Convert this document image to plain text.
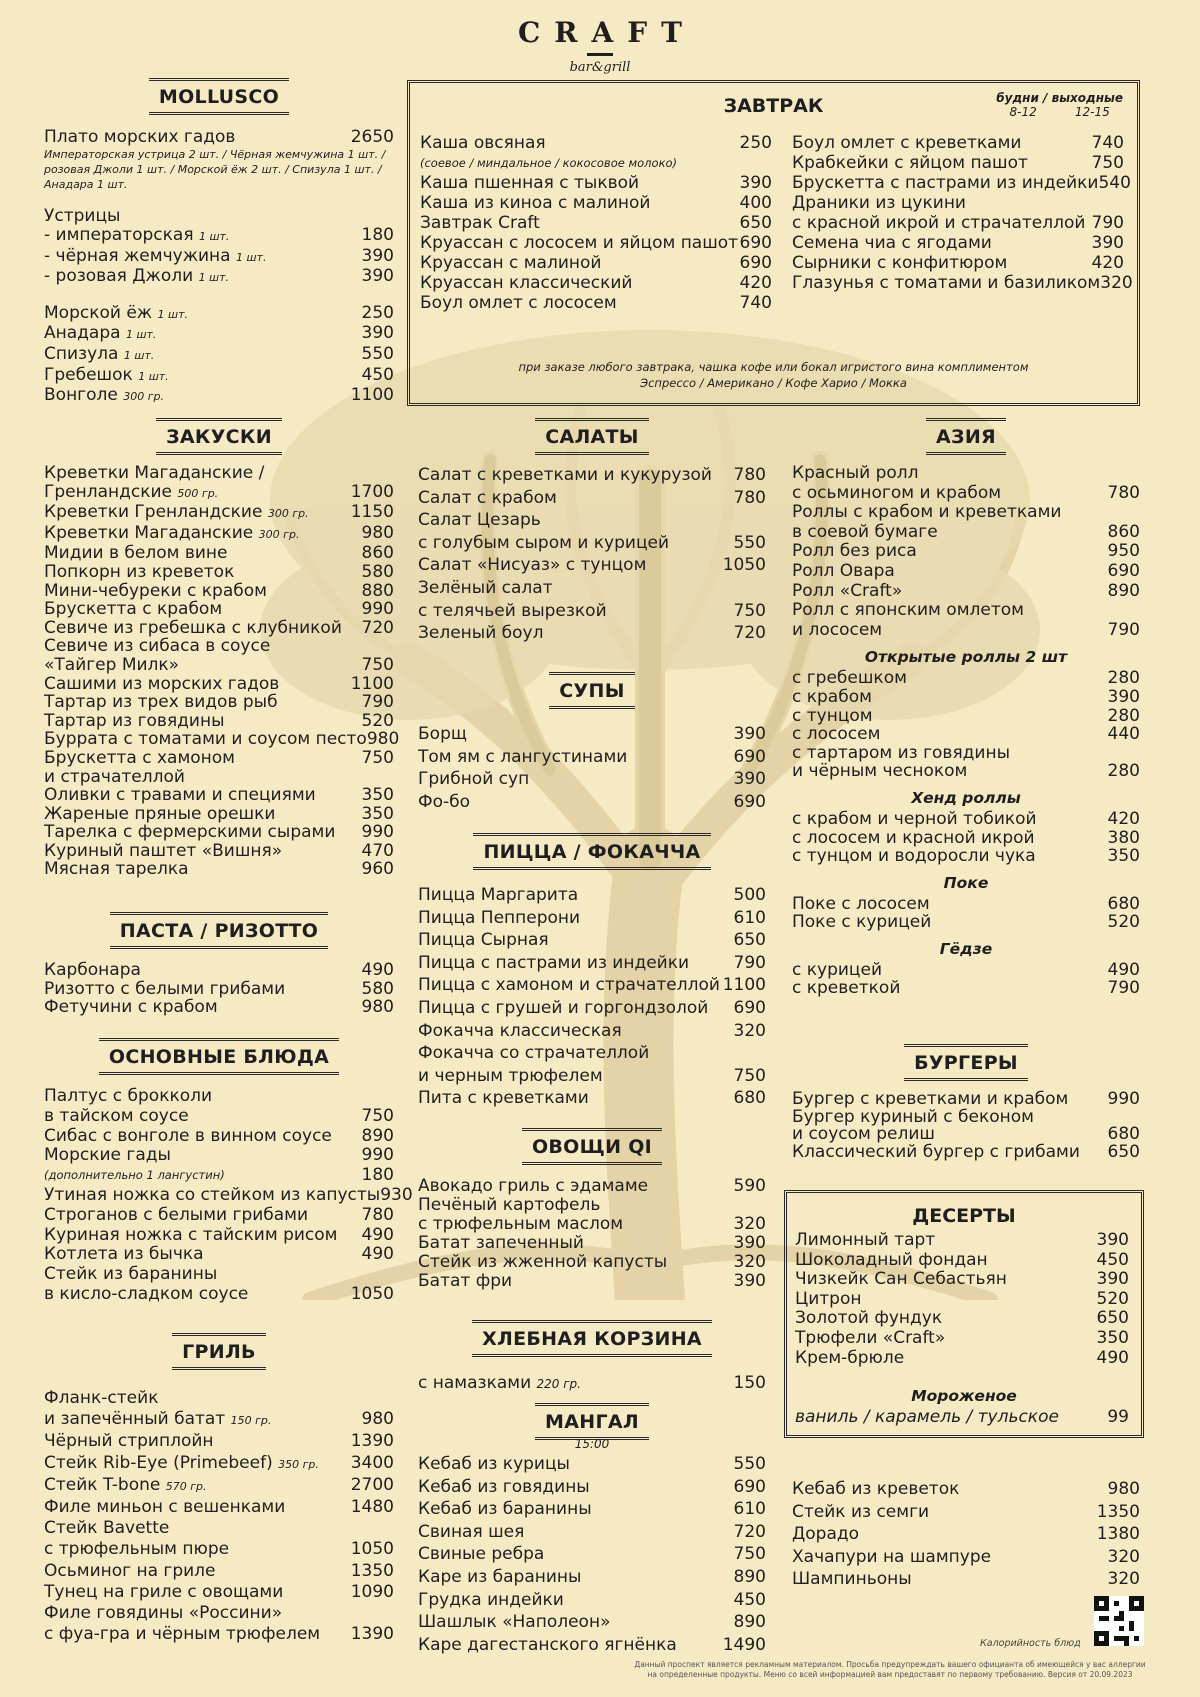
CRAFT
bar&grill
MOLLUSCO
Плато морских гадов	2650
Императорская устрица 2 шт. / Чёрная жемчужина 1 шт. / розовая Джоли 1 шт. / Морской ёж 2 шт. / Спизула 1 шт. / Анадара 1 шт.
Устрицы
- императорская 1 шт.	180
- чёрная жемчужина 1 шт.	390
- розовая Джоли 1 шт.	390
Морской ёж 1 шт.	250
Анадара 1 шт.	390
Спизула 1 шт.	550
Гребешок 1 шт.	450
Вонголе 300 гр.	1100
ЗАКУСКИ
Креветки Магаданские /
Гренландские 500 гр.	1700
Креветки Гренландские 300 гр. 1150
Креветки Магаданские 300 гр.	980
Мидии в белом вине	860
Попкорн из креветок	580
Мини-чебуреки с крабом	880
Брускетта с крабом	990
Севиче из гребешка с клубникой 720
Севиче из сибаса в соусе
«Тайгер Милк»	750
Сашими из морских гадов	1100
Тартар из трех видов рыб	790
Тартар из говядины	520
Буррата с томатами и соусом песто 980
Брускетта с хамоном	750
и страчателлой
Оливки с травами и специями	350
Жареные пряные орешки	350
Тарелка с фермерскими сырами 990
Куриный паштет «Вишня»	470
Мясная тарелка	960
ПАСТА / РИЗОТТО
Карбонара	490
Ризотто с белыми грибами	580
Фетучини с крабом	980
ОСНОВНЫЕ БЛЮДА
Палтус с брокколи
в тайском соусе	750
Сибас с вонголе в винном соусе 890
Морские гады	990
(дополнительно 1 лангустин)	180
Утиная ножка со стейком из капусты 930
Строганов с белыми грибами	780
Куриная ножка с тайским рисом 490
Котлета из бычка	490
Стейк из баранины
в кисло-сладком соусе	1050
ГРИЛЬ
Фланк-стейк
и запечённый батат 150 гр.	980
Чёрный стриплойн	1390
Стейк Rib-Eye (Primebeef) 350 гр. 3400
Стейк T-bone 570 гр.	2700
Филе миньон с вешенками	1480
Стейк Bavette
с трюфельным пюре	1050
Осьминог на гриле	1350
Тунец на гриле с овощами	1090
Филе говядины «Россини»
с фуа-гра и чёрным трюфелем 1390
ЗАВТРАК	будни / выходные
8-12          12-15
Каша овсяная	250
(соевое / миндальное / кокосовое молоко)
Каша пшенная с тыквой	390
Каша из киноа с малиной	400
Завтрак Craft	650
Круассан с лососем и яйцом пашот 690
Круассан с малиной	690
Круассан классический	420
Боул омлет с лососем	740
Боул омлет с креветками	740
Крабкейки с яйцом пашот	750
Брускетта с пастрами из индейки 540
Драники из цукини
с красной икрой и страчателлой 790
Семена чиа с ягодами	390
Сырники с конфитюром	420
Глазунья с томатами и базиликом 320
при заказе любого завтрака, чашка кофе или бокал игристого вина комплиментом
Эспрессо / Американо / Кофе Харио / Мокка
САЛАТЫ
Салат с креветками и кукурузой 780
Салат с крабом	780
Салат Цезарь
с голубым сыром и курицей	550
Салат «Нисуаз» с тунцом	1050
Зелёный салат
с телячьей вырезкой	750
Зеленый боул	720
СУПЫ
Борщ	390
Том ям с лангустинами	690
Грибной суп	390
Фо-бо	690
ПИЦЦА / ФОКАЧЧА
Пицца Маргарита	500
Пицца Пепперони	610
Пицца Сырная	650
Пицца с пастрами из индейки	790
Пицца с хамоном и страчателлой 1100
Пицца с грушей и горгондзолой 690
Фокачча классическая	320
Фокачча со страчателлой
и черным трюфелем	750
Пита с креветками	680
ОВОЩИ QI
Авокадо гриль с эдамаме	590
Печёный картофель
с трюфельным маслом	320
Батат запеченный	390
Стейк из жженной капусты	320
Батат фри	390
ХЛЕБНАЯ КОРЗИНА
с намазками 220 гр.	150
МАНГАЛ
15:00
Кебаб из курицы	550
Кебаб из говядины	690
Кебаб из баранины	610
Свиная шея	720
Свиные ребра	750
Каре из баранины	890
Грудка индейки	450
Шашлык «Наполеон»	890
Каре дагестанского ягнёнка	1490
АЗИЯ
Красный ролл
с осьминогом и крабом	780
Роллы с крабом и креветками
в соевой бумаге	860
Ролл без риса	950
Ролл Овара	690
Ролл «Craft»	890
Ролл с японским омлетом
и лососем	790
Открытые роллы 2 шт
с гребешком	280
с крабом	390
с тунцом	280
с лососем	440
с тартаром из говядины
и чёрным чесноком	280
Хенд роллы
с крабом и черной тобикой	420
с лососем и красной икрой	380
с тунцом и водоросли чука	350
Поке
Поке с лососем	680
Поке с курицей	520
Гёдзе
с курицей	490
с креветкой	790
БУРГЕРЫ
Бургер с креветками и крабом 990
Бургер куриный с беконом
и соусом релиш	680
Классический бургер с грибами 650
ДЕСЕРТЫ
Лимонный тарт	390
Шоколадный фондан	450
Чизкейк Сан Себастьян	390
Цитрон	520
Золотой фундук	650
Трюфели «Craft»	350
Крем-брюле	490
Мороженое
ваниль / карамель / тульское	99
Кебаб из креветок	980
Стейк из семги	1350
Дорадо	1380
Хачапури на шампуре	320
Шампиньоны	320
Калорийность блюд
Данный проспект является рекламным материалом. Просьба предупреждать вашего официанта об имеющейся у вас аллергии
на определенные продукты. Меню со всей информацией вам предоставят по первому требованию. Версия от 20.09.2023
